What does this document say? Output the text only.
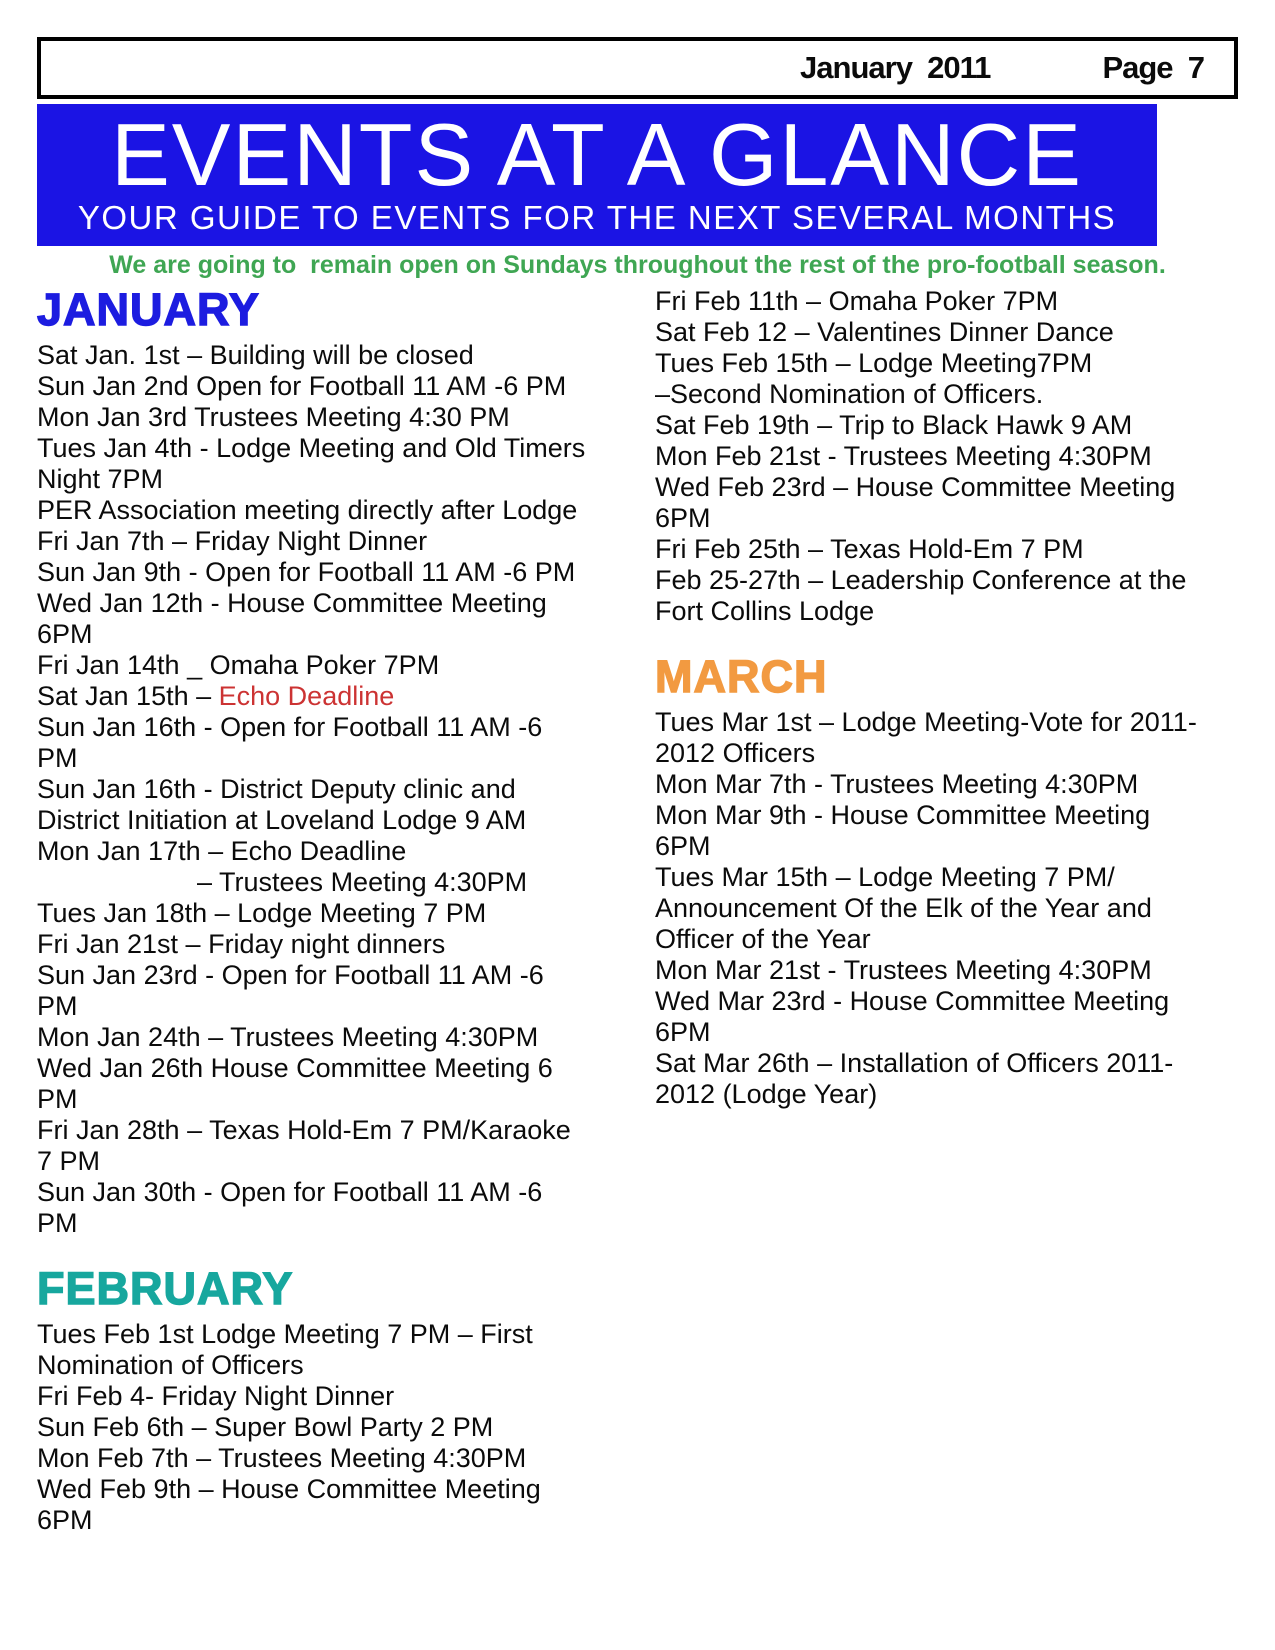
January  2011	Page  7
EVENTS AT A GLANCE
YOUR GUIDE TO EVENTS FOR THE NEXT SEVERAL MONTHS
We are going to  remain open on Sundays throughout the rest of the pro-football season.
JANUARY
Sat Jan. 1st – Building will be closed
Sun Jan 2nd Open for Football 11 AM -6 PM
Mon Jan 3rd Trustees Meeting 4:30 PM
Tues Jan 4th - Lodge Meeting and Old Timers
Night 7PM
PER Association meeting directly after Lodge
Fri Jan 7th – Friday Night Dinner
Sun Jan 9th - Open for Football 11 AM -6 PM
Wed Jan 12th - House Committee Meeting
6PM
Fri Jan 14th _ Omaha Poker 7PM
Sat Jan 15th – Echo Deadline
Sun Jan 16th - Open for Football 11 AM -6
PM
Sun Jan 16th - District Deputy clinic and
District Initiation at Loveland Lodge 9 AM
Mon Jan 17th – Echo Deadline
– Trustees Meeting 4:30PM
Tues Jan 18th – Lodge Meeting 7 PM
Fri Jan 21st – Friday night dinners
Sun Jan 23rd - Open for Football 11 AM -6
PM
Mon Jan 24th – Trustees Meeting 4:30PM
Wed Jan 26th House Committee Meeting 6
PM
Fri Jan 28th – Texas Hold-Em 7 PM/Karaoke
7 PM
Sun Jan 30th - Open for Football 11 AM -6
PM
FEBRUARY
Tues Feb 1st Lodge Meeting 7 PM – First
Nomination of Officers
Fri Feb 4- Friday Night Dinner
Sun Feb 6th – Super Bowl Party 2 PM
Mon Feb 7th – Trustees Meeting 4:30PM
Wed Feb 9th – House Committee Meeting
6PM
Fri Feb 11th – Omaha Poker 7PM
Sat Feb 12 – Valentines Dinner Dance
Tues Feb 15th – Lodge Meeting7PM
–Second Nomination of Officers.
Sat Feb 19th – Trip to Black Hawk 9 AM
Mon Feb 21st - Trustees Meeting 4:30PM
Wed Feb 23rd – House Committee Meeting
6PM
Fri Feb 25th – Texas Hold-Em 7 PM
Feb 25-27th – Leadership Conference at the
Fort Collins Lodge
MARCH
Tues Mar 1st – Lodge Meeting-Vote for 2011-
2012 Officers
Mon Mar 7th - Trustees Meeting 4:30PM
Mon Mar 9th - House Committee Meeting
6PM
Tues Mar 15th – Lodge Meeting 7 PM/
Announcement Of the Elk of the Year and
Officer of the Year
Mon Mar 21st - Trustees Meeting 4:30PM
Wed Mar 23rd - House Committee Meeting
6PM
Sat Mar 26th – Installation of Officers 2011-
2012 (Lodge Year)
